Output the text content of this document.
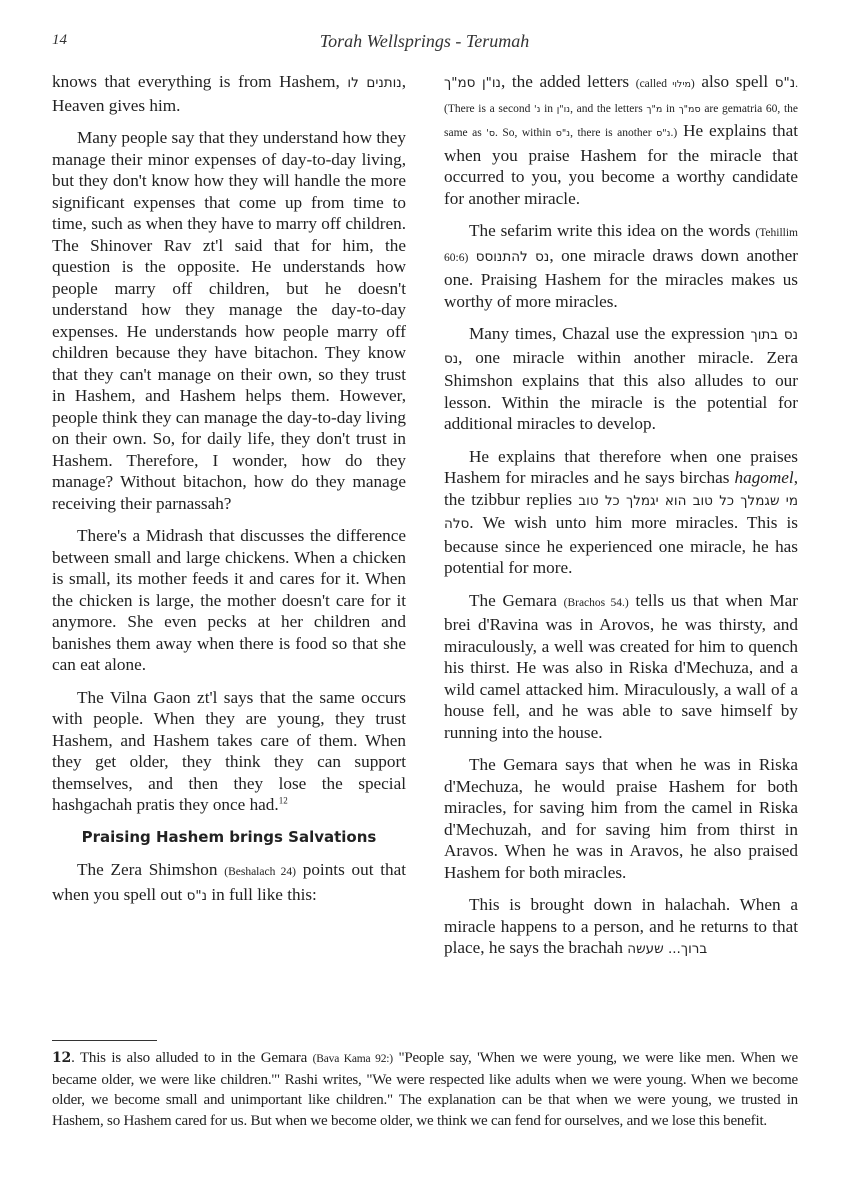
14	Torah Wellsprings - Terumah

knows that everything is from Hashem, נותנים לו, Heaven gives him.

Many people say that they understand how they manage their minor expenses of day-to-day living, but they don't know how they will handle the more significant expenses that come up from time to time, such as when they have to marry off children. The Shinover Rav zt'l said that for him, the question is the opposite. He understands how people marry off children, but he doesn't understand how they manage the day-to-day expenses. He understands how people marry off children because they have bitachon. They know that they can't manage on their own, so they trust in Hashem, and Hashem helps them. However, people think they can manage the day-to-day living on their own. So, for daily life, they don't trust in Hashem. Therefore, I wonder, how do they manage? Without bitachon, how do they manage receiving their parnassah?

There's a Midrash that discusses the difference between small and large chickens. When a chicken is small, its mother feeds it and cares for it. When the chicken is large, the mother doesn't care for it anymore. She even pecks at her children and banishes them away when there is food so that she can eat alone.

The Vilna Gaon zt'l says that the same occurs with people. When they are young, they trust Hashem, and Hashem takes care of them. When they get older, they think they can support themselves, and then they lose the special hashgachah pratis they once had.$^{12}$

Praising Hashem brings Salvations

The Zera Shimshon (Beshalach 24) points out that when you spell out נ"ס in full like this:

נו"ן סמ"ך, the added letters (called מילוי) also spell נ"ס. (There is a second נ' in נו"ן, and the letters מ"ך in סמ"ך are gematria 60, the same as ס'. So, within נ"ס, there is another נ"ס.) He explains that when you praise Hashem for the miracle that occurred to you, you become a worthy candidate for another miracle.

The sefarim write this idea on the words (Tehillim 60:6) נס להתנוסס, one miracle draws down another one. Praising Hashem for the miracles makes us worthy of more miracles.

Many times, Chazal use the expression נס בתוך נס, one miracle within another miracle. Zera Shimshon explains that this also alludes to our lesson. Within the miracle is the potential for additional miracles to develop.

He explains that therefore when one praises Hashem for miracles and he says birchas hagomel, the tzibbur replies מי שגמלך כל טוב הוא יגמלך כל טוב סלה. We wish unto him more miracles. This is because since he experienced one miracle, he has potential for more.

The Gemara (Brachos 54.) tells us that when Mar brei d'Ravina was in Arovos, he was thirsty, and miraculously, a well was created for him to quench his thirst. He was also in Riska d'Mechuza, and a wild camel attacked him. Miraculously, a wall of a house fell, and he was able to save himself by running into the house.

The Gemara says that when he was in Riska d'Mechuza, he would praise Hashem for both miracles, for saving him from the camel in Riska d'Mechuzah, and for saving him from thirst in Aravos. When he was in Aravos, he also praised Hashem for both miracles.

This is brought down in halachah. When a miracle happens to a person, and he returns to that place, he says the brachah ברוך... שעשה

12. This is also alluded to in the Gemara (Bava Kama 92:) "People say, 'When we were young, we were like men. When we became older, we were like children.'" Rashi writes, "We were respected like adults when we were young. When we become older, we become small and unimportant like children." The explanation can be that when we were young, we trusted in Hashem, so Hashem cared for us. But when we become older, we think we can fend for ourselves, and we lose this benefit.
